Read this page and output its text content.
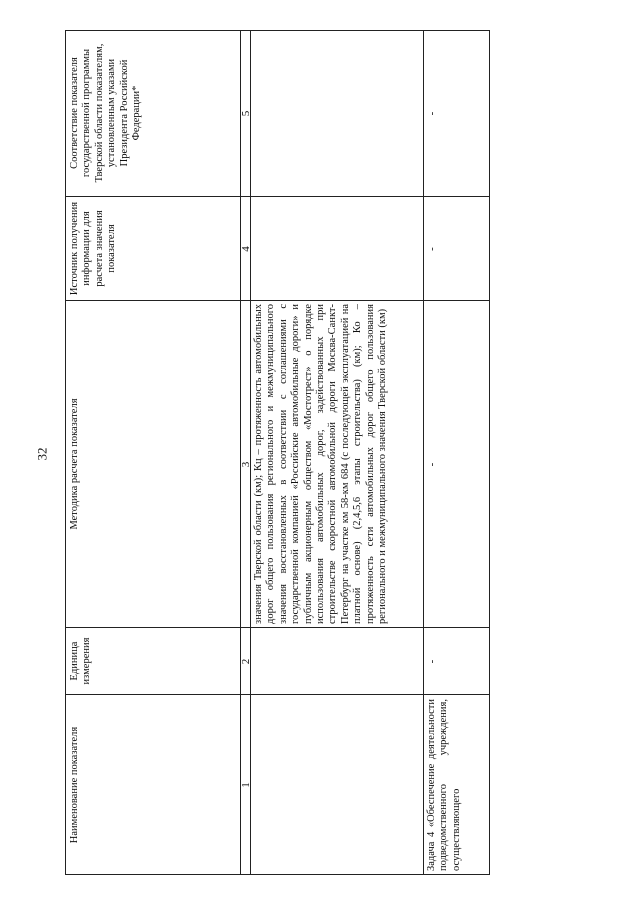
32
Наименование показателя
Единица измерения
Методика расчета показателя
Источник получения информации для расчета значения показателя
Соответствие показателя государственной программы Тверской области показателям, установленным указами Президента Российской Федерации*
1
2
3
4
5
значения Тверской области (км); Кц – протяженность автомобильных дорог общего пользования регионального и межмуниципального значения восстановленных в соответствии с соглашениями с государственной компанией «Российские автомобильные дороги» и публичным акционерным обществом «Мостотрест» о порядке использования автомобильных дорог, задействованных при строительстве скоростной автомобильной дороги Москва-Санкт-Петербург на участке км 58-км 684 (с последующей эксплуатацией на платной основе) (2,4,5,6 этапы строительства) (км); Ко – протяженность сети автомобильных дорог общего пользования регионального и межмуниципального значения Тверской области (км)
Задача 4 «Обеспечение деятельности подведомственного учреждения, осуществляющего
-
-
-
-
